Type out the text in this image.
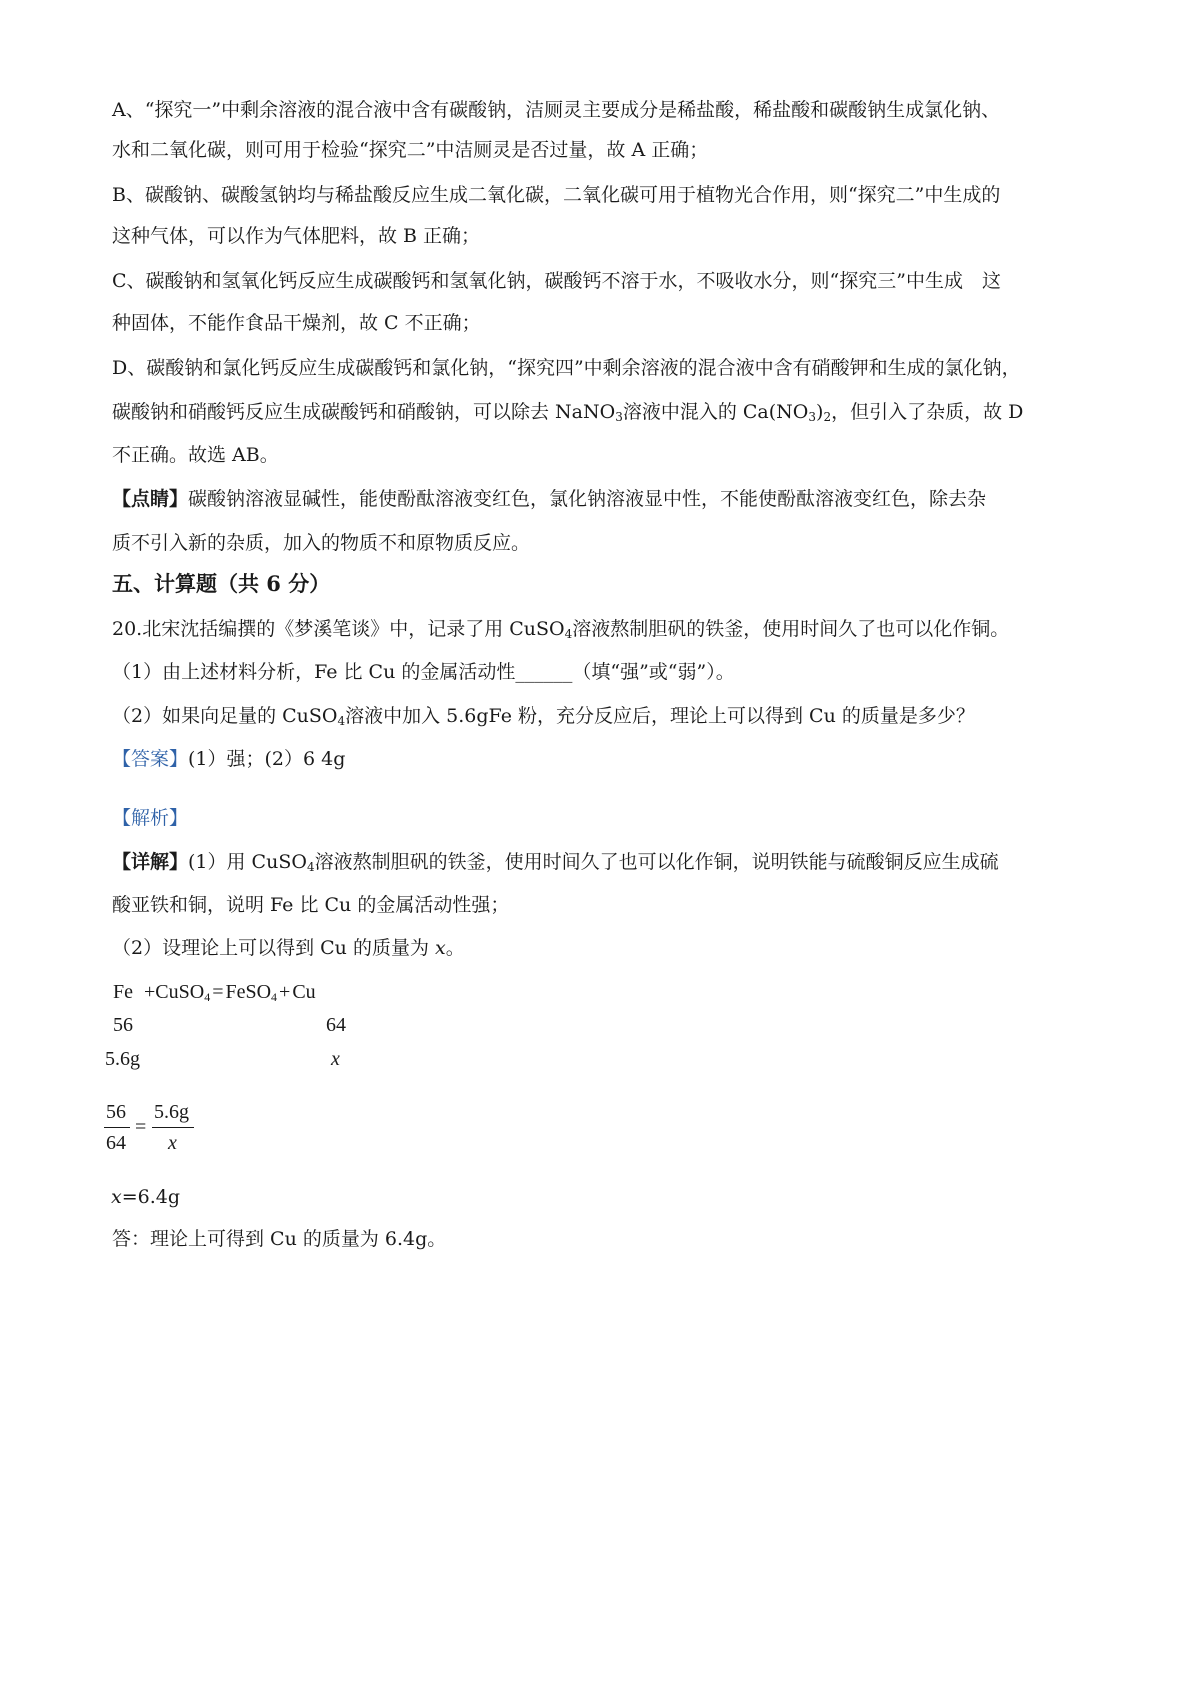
A、“探究一”中剩余溶液的混合液中含有碳酸钠，洁厕灵主要成分是稀盐酸，稀盐酸和碳酸钠生成氯化钠、
水和二氧化碳，则可用于检验“探究二”中洁厕灵是否过量，故 A 正确；
B、碳酸钠、碳酸氢钠均与稀盐酸反应生成二氧化碳，二氧化碳可用于植物光合作用，则“探究二”中生成的
这种气体，可以作为气体肥料，故 B 正确；
C、碳酸钠和氢氧化钙反应生成碳酸钙和氢氧化钠，碳酸钙不溶于水，不吸收水分，则“探究三”中生成　这
种固体，不能作食品干燥剂，故 C 不正确；
D、碳酸钠和氯化钙反应生成碳酸钙和氯化钠，“探究四”中剩余溶液的混合液中含有硝酸钾和生成的氯化钠，
碳酸钠和硝酸钙反应生成碳酸钙和硝酸钠，可以除去 NaNO$_3$溶液中混入的 $Ca(NO_3)_2$，但引入了杂质，故 D
不正确。故选 AB。
【点睛】碳酸钠溶液显碱性，能使酚酞溶液变红色，氯化钠溶液显中性，不能使酚酞溶液变红色，除去杂
质不引入新的杂质，加入的物质不和原物质反应。
五、计算题（共 6 分）
20.北宋沈括编撰的《梦溪笔谈》中，记录了用 CuSO$_4$溶液熬制胆矾的铁釜，使用时间久了也可以化作铜。
（1）由上述材料分析，Fe 比 Cu 的金属活动性______（填“强”或“弱”）。
（2）如果向足量的 CuSO$_4$溶液中加入 5.6gFe 粉，充分反应后，理论上可以得到 Cu 的质量是多少？
【答案】(1）强；(2）6 4g
【解析】
【详解】(1）用 CuSO$_4$溶液熬制胆矾的铁釜，使用时间久了也可以化作铜，说明铁能与硫酸铜反应生成硫
酸亚铁和铜，说明 Fe 比 Cu 的金属活动性强；
（2）设理论上可以得到 Cu 的质量为 x。
Fe +CuSO$_4$ = FeSO$_4$ + Cu
56	64
5.6g	x
56
64
=
5.6g
x
x=6.4g
答：理论上可得到 Cu 的质量为 6.4g。
